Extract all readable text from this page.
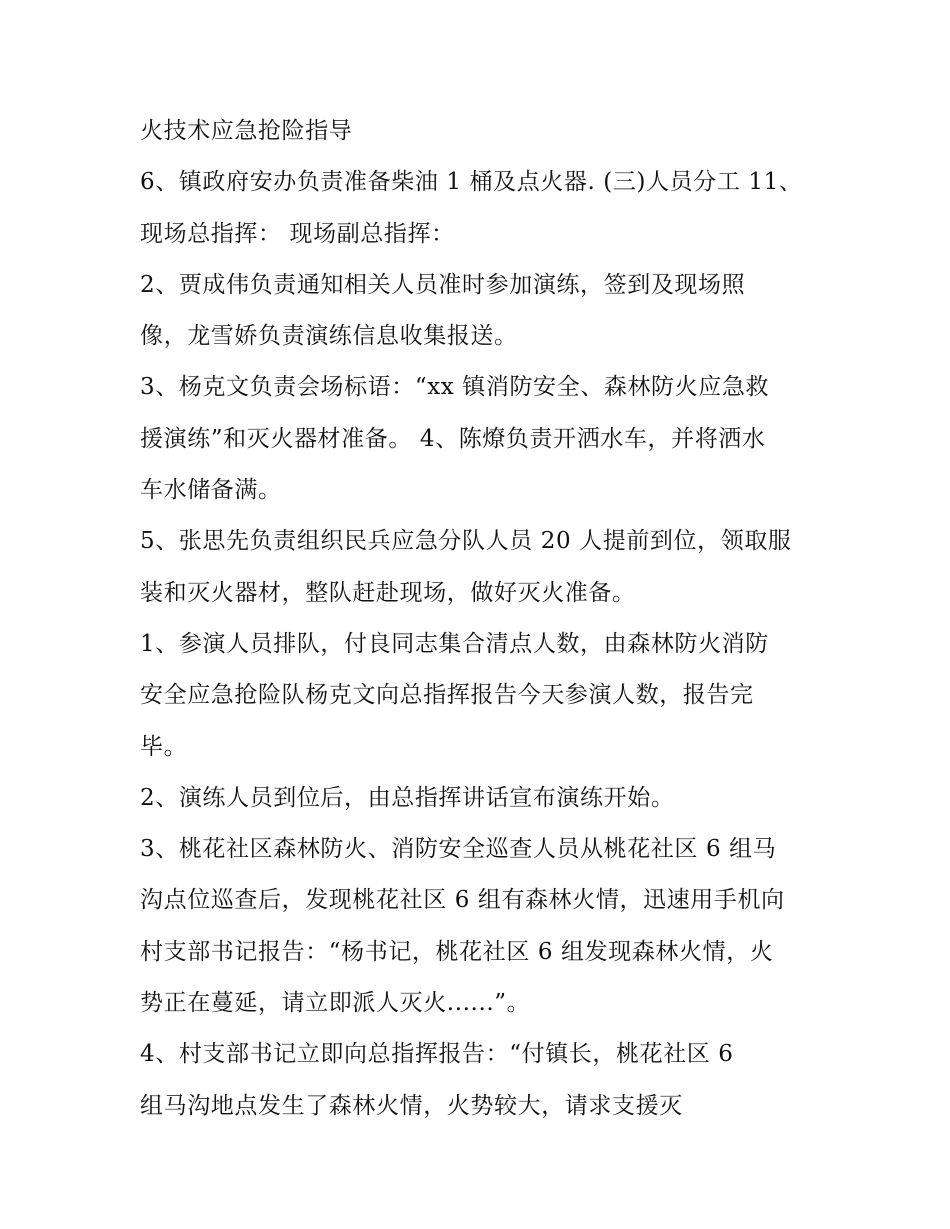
火技术应急抢险指导
6、镇政府安办负责准备柴油 1 桶及点火器. (三)人员分工 11、
现场总指挥： 现场副总指挥：
2、贾成伟负责通知相关人员准时参加演练，签到及现场照
像，龙雪娇负责演练信息收集报送。
3、杨克文负责会场标语：“xx 镇消防安全、森林防火应急救
援演练”和灭火器材准备。 4、陈燎负责开洒水车，并将洒水
车水储备满。
5、张思先负责组织民兵应急分队人员 20 人提前到位，领取服
装和灭火器材，整队赶赴现场，做好灭火准备。
1、参演人员排队，付良同志集合清点人数，由森林防火消防
安全应急抢险队杨克文向总指挥报告今天参演人数，报告完
毕。
2、演练人员到位后，由总指挥讲话宣布演练开始。
3、桃花社区森林防火、消防安全巡查人员从桃花社区 6 组马
沟点位巡查后，发现桃花社区 6 组有森林火情，迅速用手机向
村支部书记报告：“杨书记，桃花社区 6 组发现森林火情，火
势正在蔓延，请立即派人灭火......”。
4、村支部书记立即向总指挥报告：“付镇长，桃花社区 6
组马沟地点发生了森林火情，火势较大，请求支援灭
